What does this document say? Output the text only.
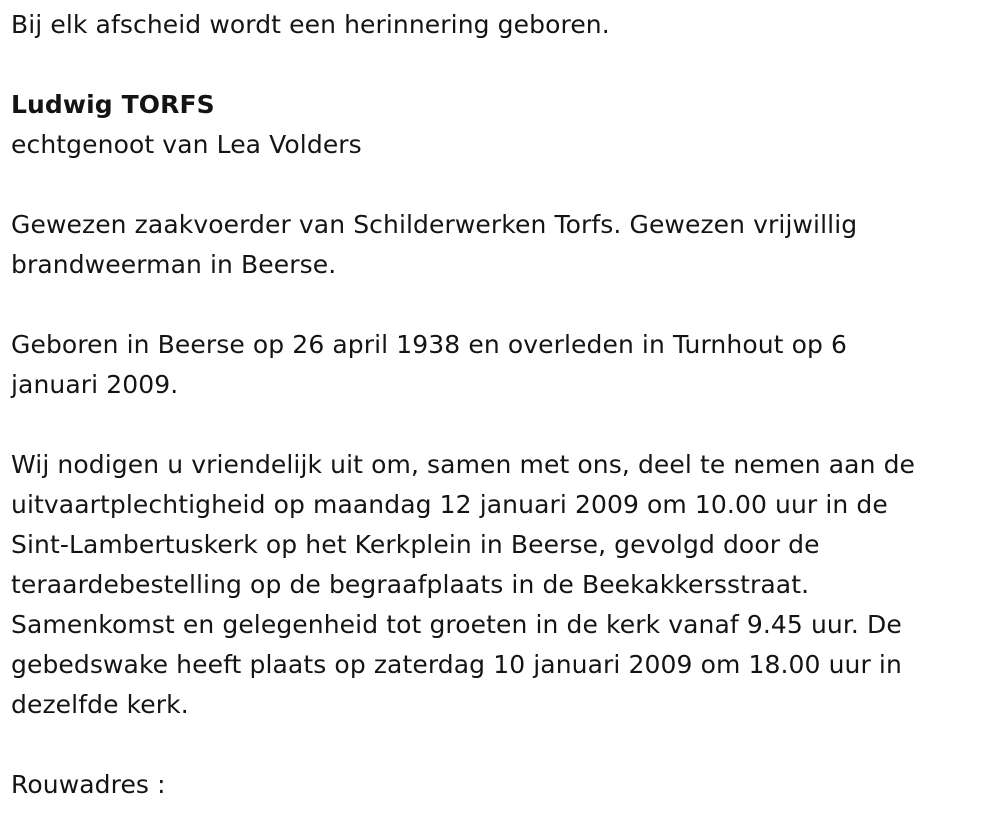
Bij elk afscheid wordt een herinnering geboren.

Ludwig TORFS

echtgenoot van Lea Volders

Gewezen zaakvoerder van Schilderwerken Torfs. Gewezen vrijwillig

brandweerman in Beerse.

Geboren in Beerse op 26 april 1938 en overleden in Turnhout op 6

januari 2009.

Wij nodigen u vriendelijk uit om, samen met ons, deel te nemen aan de

uitvaartplechtigheid op maandag 12 januari 2009 om 10.00 uur in de

Sint-Lambertuskerk op het Kerkplein in Beerse, gevolgd door de

teraardebestelling op de begraafplaats in de Beekakkersstraat.

Samenkomst en gelegenheid tot groeten in de kerk vanaf 9.45 uur. De

gebedswake heeft plaats op zaterdag 10 januari 2009 om 18.00 uur in

dezelfde kerk.

Rouwadres :
